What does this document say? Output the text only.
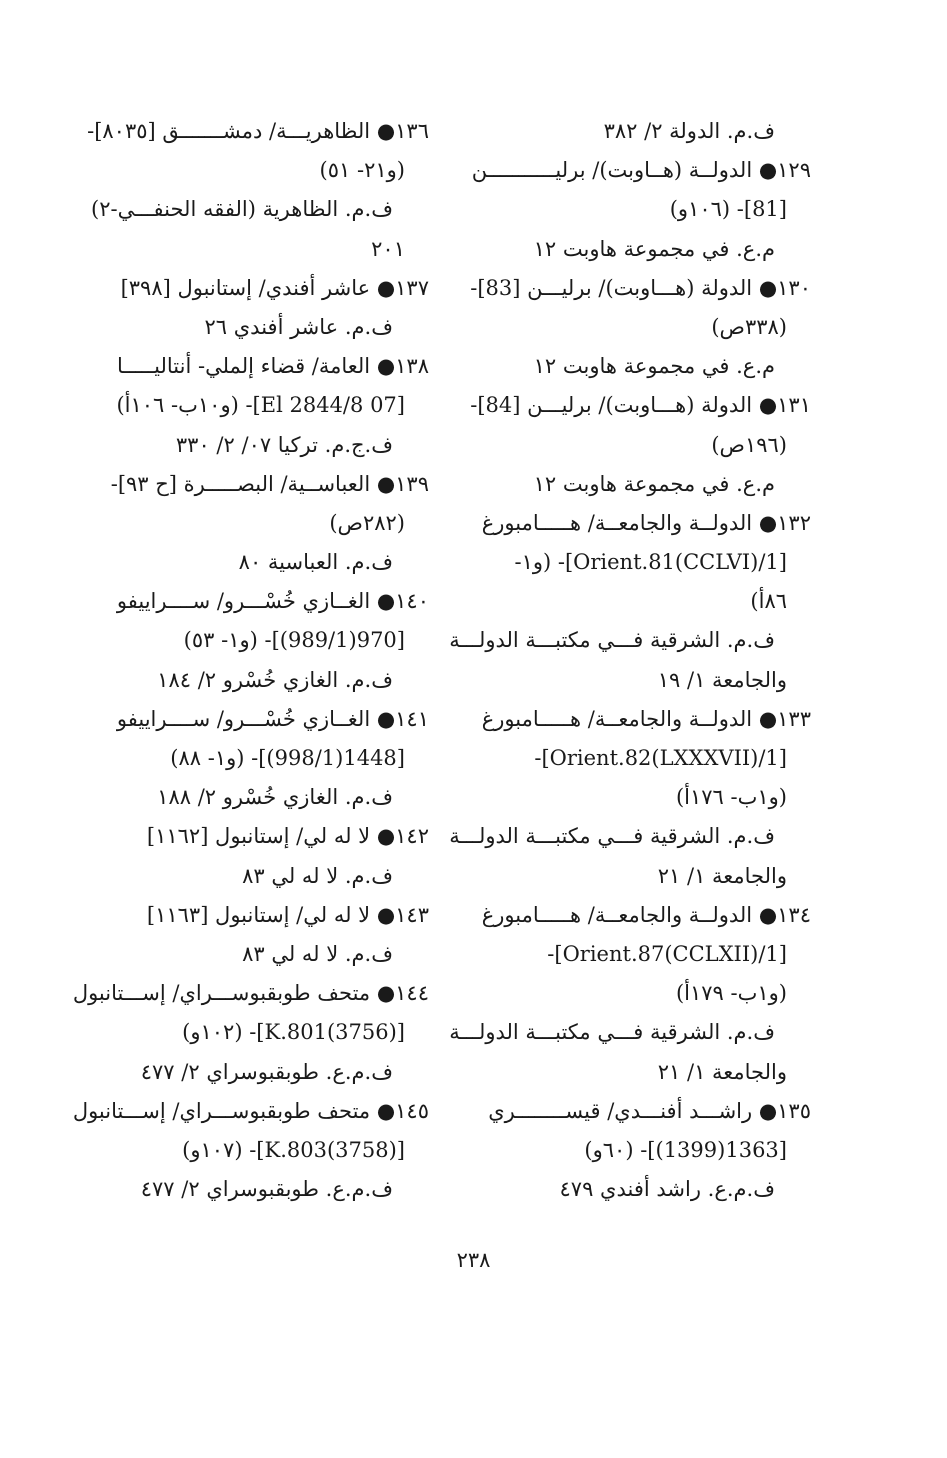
ف.م. الدولة ٢/ ٣٨٢
١٢٩● الدولــة (هــاوبت)/ برليـــــــــــن
[81]- (١٠٦و)
م.ع. في مجموعة هاوبت ١٢
١٣٠● الدولة (هـــاوبت)/ برليـــن [83]-
(٣٣٨ص)
م.ع. في مجموعة هاوبت ١٢
١٣١● الدولة (هـــاوبت)/ برليـــن [84]-
(١٩٦ص)
م.ع. في مجموعة هاوبت ١٢
١٣٢● الدولــة والجامعــة/ هـــــامبورغ
[Orient.81(CCLVI)/1]- (و١-
٨٦أ)
ف.م. الشرقية فـــي مكتبـــة الدولـــة
والجامعة ١/ ١٩
١٣٣● الدولــة والجامعــة/ هـــــامبورغ
[Orient.82(LXXXVII)/1]-
(و١ب- ١٧٦أ)
ف.م. الشرقية فـــي مكتبـــة الدولـــة
والجامعة ١/ ٢١
١٣٤● الدولــة والجامعــة/ هـــــامبورغ
[Orient.87(CCLXII)/1]-
(و١ب- ١٧٩أ)
ف.م. الشرقية فـــي مكتبـــة الدولـــة
والجامعة ١/ ٢١
١٣٥● راشـــد أفنـــدي/ قيســــــــري
[1363(1399)]- (٦٠و)
ف.م.ع. راشد أفندي ٤٧٩
١٣٦● الظاهريـــة/ دمشـــــــق [٨٠٣٥]-
(و٢١- ٥١)
ف.م. الظاهرية (الفقه الحنفـــي-٢)
٢٠١
١٣٧● عاشر أفندي/ إستانبول [٣٩٨]
ف.م. عاشر أفندي ٢٦
١٣٨● العامة/ قضاء إلملي- أنتاليـــــا
[07 El 2844/8]- (و١٠ب- ١٠٦أ)
ف.ج.م. تركيا ٠٧/ ٢/ ٣٣٠
١٣٩● العباســية/ البصـــــرة [ح ٩٣]-
(٢٨٢ص)
ف.م. العباسية ٨٠
١٤٠● الغــازي خُسْـــرو/ ســــرايیفو
[970(989/1)]- (و١- ٥٣)
ف.م. الغازي خُسْرو ٢/ ١٨٤
١٤١● الغــازي خُسْـــرو/ ســــرايیفو
[1448(998/1)]- (و١- ٨٨)
ف.م. الغازي خُسْرو ٢/ ١٨٨
١٤٢● لا له لي/ إستانبول [١١٦٢]
ف.م. لا له لي ٨٣
١٤٣● لا له لي/ إستانبول [١١٦٣]
ف.م. لا له لي ٨٣
١٤٤● متحف طوبقبوســـراي/ إســـتانبول
[K.801(3756)]- (١٠٢و)
ف.م.ع. طوبقبوسراي ٢/ ٤٧٧
١٤٥● متحف طوبقبوســـراي/ إســـتانبول
[K.803(3758)]- (١٠٧و)
ف.م.ع. طوبقبوسراي ٢/ ٤٧٧
٢٣٨
